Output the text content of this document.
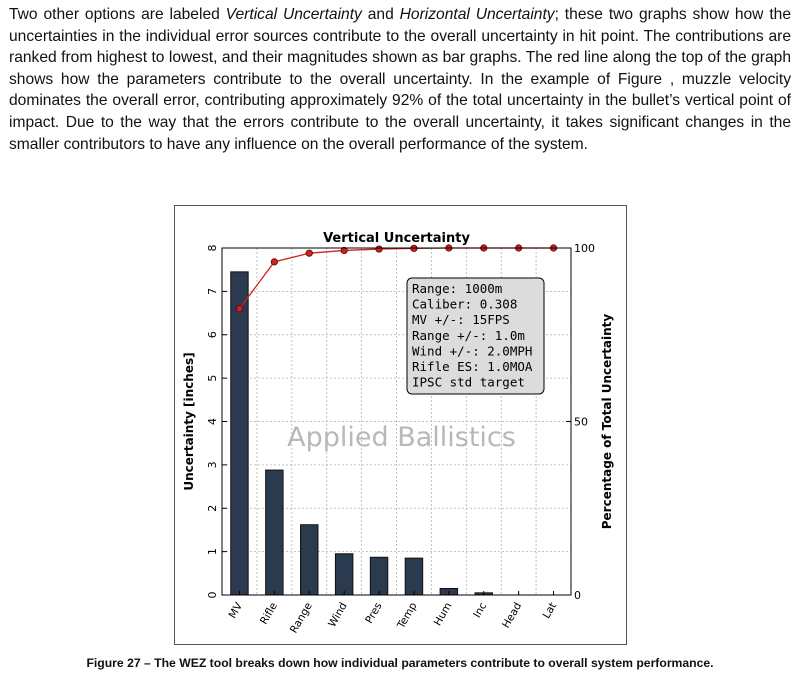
Two other options are labeled Vertical Uncertainty and Horizontal Uncertainty; these two graphs show how the uncertainties in the individual error sources contribute to the overall uncertainty in hit point. The contributions are ranked from highest to lowest, and their magnitudes shown as bar graphs. The red line along the top of the graph shows how the parameters contribute to the overall uncertainty. In the example of Figure , muzzle velocity dominates the overall error, contributing approximately 92% of the total uncertainty in the bullet’s vertical point of impact. Due to the way that the errors contribute to the overall uncertainty, it takes significant changes in the smaller contributors to have any influence on the overall performance of the system.

Applied Ballistics
0
1
2
3
4
5
6
7
8
0
50
100
MV Rifle Range Wind Pres Temp Hum Inc Head Lat
Vertical Uncertainty
Uncertainty [inches]	Percentage of Total Uncertainty
Range: 1000m
Caliber: 0.308
MV +/-: 15FPS
Range +/-: 1.0m
Wind +/-: 2.0MPH
Rifle ES: 1.0MOA
IPSC std target
Figure 27 – The WEZ tool breaks down how individual parameters contribute to overall system performance.
